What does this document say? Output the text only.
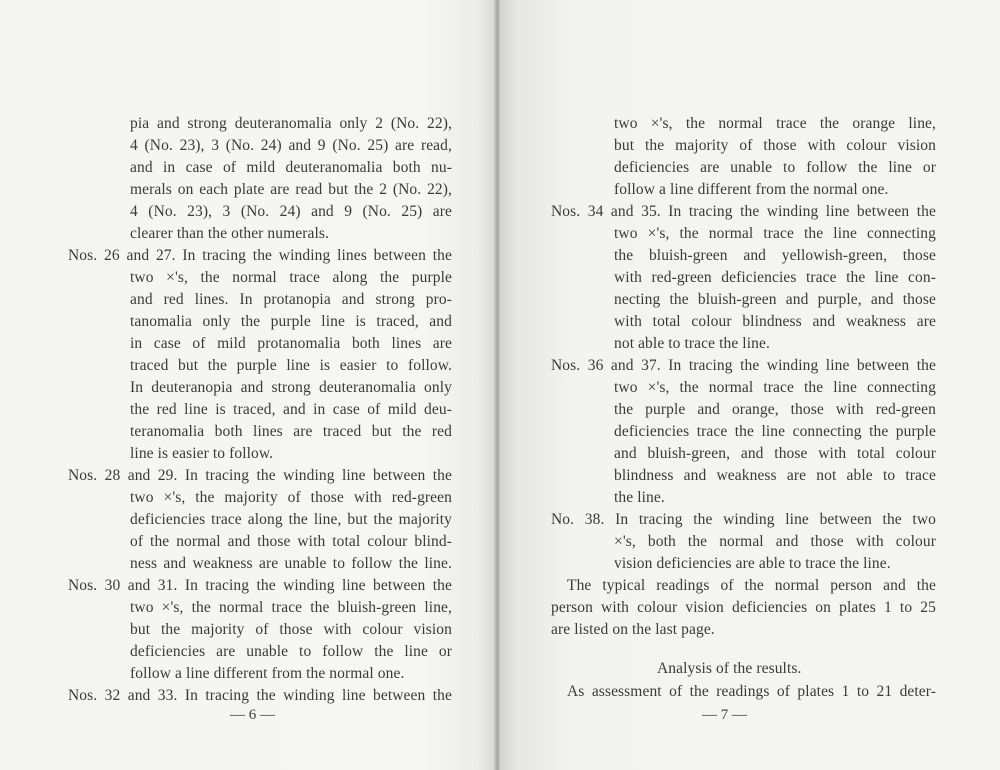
pia and strong deuteranomalia only 2 (No. 22),
4 (No. 23), 3 (No. 24) and 9 (No. 25) are read,
and in case of mild deuteranomalia both nu-
merals on each plate are read but the 2 (No. 22),
4 (No. 23), 3 (No. 24) and 9 (No. 25) are
clearer than the other numerals.
Nos. 26 and 27. In tracing the winding lines between the
two ×'s, the normal trace along the purple
and red lines. In protanopia and strong pro-
tanomalia only the purple line is traced, and
in case of mild protanomalia both lines are
traced but the purple line is easier to follow.
In deuteranopia and strong deuteranomalia only
the red line is traced, and in case of mild deu-
teranomalia both lines are traced but the red
line is easier to follow.
Nos. 28 and 29. In tracing the winding line between the
two ×'s, the majority of those with red-green
deficiencies trace along the line, but the majority
of the normal and those with total colour blind-
ness and weakness are unable to follow the line.
Nos. 30 and 31. In tracing the winding line between the
two ×'s, the normal trace the bluish-green line,
but the majority of those with colour vision
deficiencies are unable to follow the line or
follow a line different from the normal one.
Nos. 32 and 33. In tracing the winding line between the
— 6 —
two ×'s, the normal trace the orange line,
but the majority of those with colour vision
deficiencies are unable to follow the line or
follow a line different from the normal one.
Nos. 34 and 35. In tracing the winding line between the
two ×'s, the normal trace the line connecting
the bluish-green and yellowish-green, those
with red-green deficiencies trace the line con-
necting the bluish-green and purple, and those
with total colour blindness and weakness are
not able to trace the line.
Nos. 36 and 37. In tracing the winding line between the
two ×'s, the normal trace the line connecting
the purple and orange, those with red-green
deficiencies trace the line connecting the purple
and bluish-green, and those with total colour
blindness and weakness are not able to trace
the line.
No. 38. In tracing the winding line between the two
×'s, both the normal and those with colour
vision deficiencies are able to trace the line.
The typical readings of the normal person and the
person with colour vision deficiencies on plates 1 to 25
are listed on the last page.
Analysis of the results.
As assessment of the readings of plates 1 to 21 deter-
— 7 —
